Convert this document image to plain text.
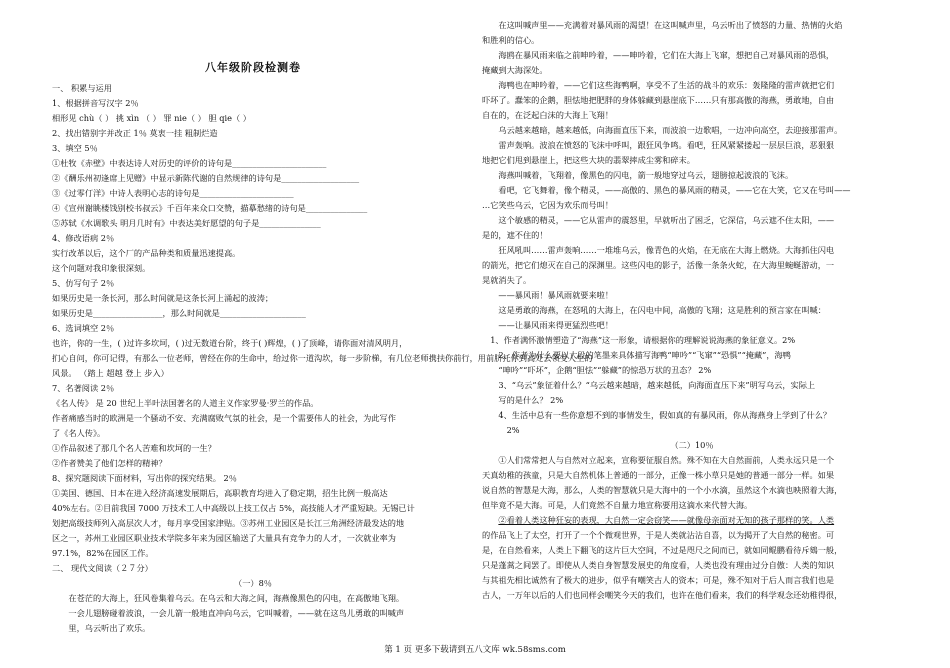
八年级阶段检测卷
一、 积累与运用
1、根据拼音写汉字 2％
相形见 chù（ ） 挑 xìn （ ） 罪 nie（ ） 胆 qie（ ）
2、找出错别字并改正 1％ 莫衷一挂 粗制烂造
3、填空 5％
①杜牧《赤壁》中表达诗人对历史的评价的诗句是_______________________
②《酬乐州初逢席上见赠》中显示新陈代谢的自然规律的诗句是___________________
③《过零仃洋》中诗人表明心志的诗句是_______________________
④《宣州谢眺楼饯别校书叔云》千百年来众口交赞，描摹愁绪的诗句是_______________
⑤苏轼《水调歌头 明月几时有》中表达美好愿望的句子是_______________
4、修改语病 2％
实行改革以后，这个厂的产品种类和质量迅速提高。
这个问题对我印象很深刻。
5、仿写句子 2％
如果历史是一条长河，那么时间就是这条长河上涌起的波涛；
如果历史是_________________，那么时间就是_____________________
6、选词填空 2％
也许，你的一生，( )过许多坎坷，( )过无数道台阶，终于( )辉煌，( )了顶峰，请你面对清风明月，
扪心自问，你可记得，有那么一位老师，曾经在你的生命中，给过你一道沟坎，每一步阶梯，有几位老师携扶你前行，用前脐托你到高处去领受人生的
风景。 （踏上 超越 登上 步入）
7、名著阅读 2％
《名人传》 是 20 世纪上半叶法国著名的人道主义作家罗曼·罗兰的作品。
作者痛感当时的欧洲是一个骚动不安、充满腐败气氛的社会，是一个需要伟人的社会，为此写作
了《名人传》。
①作品叙述了那几个名人苦难和坎坷的一生？
②作者赞美了他们怎样的精神？
8、探究题阅读下面材料，写出你的探究结果。 2％
①美国、德国、日本在进入经济高速发展期后，高职教育均进入了稳定期，招生比例一般高达
40%左右。②目前我国 7000 万技术工人中高级以上技工仅占 5%，高技能人才严重短缺。无锡已计
划把高级技师列入高层次人才，每月享受国家津贴。③苏州工业园区是长江三角洲经济最发达的地
区之一，苏州工业园区职业技术学院多年来为园区输送了大量具有竞争力的人才，一次就业率为
97.1%，82%在园区工作。
二、 现代文阅读（２７分）
（一）8％
在苍茫的大海上，狂风卷集着乌云。在乌云和大海之间，海燕像黑色的闪电，在高傲地飞翔。
一会儿翅膀碰着波浪，一会儿箭一般地直冲向乌云，它叫喊着，——就在这鸟儿勇敢的叫喊声
里，乌云听出了欢乐。
在这叫喊声里——充满着对暴风雨的渴望！在这叫喊声里，乌云听出了愤怒的力量、热情的火焰
和胜利的信心。
海鸥在暴风雨来临之前呻吟着，——呻吟着，它们在大海上飞窜，想把自己对暴风雨的恐惧，
掩藏到大海深处。
海鸭也在呻吟着，——它们这些海鸭啊，享受不了生活的战斗的欢乐：轰隆隆的雷声就把它们
吓坏了。蠢笨的企鹅，胆怯地把肥胖的身体躲藏到悬崖底下……只有那高傲的海燕，勇敢地，自由
自在的，在泛起白沫的大海上飞翔！
乌云越来越暗，越来越低，向海面直压下来，而波浪一边歌唱，一边冲向高空，去迎接那雷声。
雷声轰响。波浪在愤怒的飞沫中呼叫，跟狂风争鸣。看吧，狂风紧紧搂起一层层巨浪，恶狠狠
地把它们甩到悬崖上，把这些大块的翡翠摔成尘雾和碎末。
海燕叫喊着，飞翔着，像黑色的闪电，箭一般地穿过乌云，翅膀掠起波浪的飞沫。
看吧，它飞舞着，像个精灵，——高傲的、黑色的暴风雨的精灵，——它在大笑，它又在号叫——
…它笑些乌云，它因为欢乐而号叫！
这个敏感的精灵，——它从雷声的震怒里，早就听出了困乏，它深信，乌云遮不住太阳，——
是的，遮不住的！
狂风吼叫……雷声轰响……一堆堆乌云，像青色的火焰，在无底在大海上燃烧。大海抓住闪电
的箭光，把它们熄灭在自己的深渊里。这些闪电的影子，活像一条条火蛇，在大海里蜿蜒游动，一
晃就消失了。
——暴风雨！暴风雨就要来啦！
这是勇敢的海燕，在怒吼的大海上，在闪电中间，高傲的飞翔；这是胜利的预言家在叫喊：
——让暴风雨来得更猛烈些吧！
1、作者满怀激情塑造了“海燕”这一形象，请根据你的理解说说海燕的象征意义。2%
2、作者为什么要以大段的笔墨来具体描写海鸭“呻吟”“飞窜”“恐惧”“掩藏”，海鸭
“呻吟”“吓坏”，企鹅“胆怯”“躲藏”的惊恐万状的丑态？ 2%
3、“乌云”象征着什么？“乌云越来越暗，越来越低，向海面直压下来”明写乌云，实际上
写的是什么？ 2%
4、生活中总有一些你意想不到的事情发生，假如真的有暴风雨，你从海燕身上学到了什么？
2%
（二）10％
①人们常常把人与自然对立起来，宣称要征服自然。殊不知在大自然面前，人类永远只是一个
天真幼稚的孩童，只是大自然机体上普通的一部分，正像一株小草只是她的普通一部分一样。如果
说自然的智慧是大海，那么，人类的智慧就只是大海中的一个小水滴，虽然这个水滴也映照着大海，
但毕竟不是大海。可是，人们竟然不自量力地宣称要用这滴水来代替大海。
②看着人类这种狂妄的表现，大自然一定会窃笑——就像母亲面对无知的孩子那样的笑。人类
的作品飞上了太空，打开了一个个微观世界，于是人类就沾沾自喜，以为揭开了大自然的秘密。可
是，在自然看来，人类上下翻飞的这片巨大空间，不过是咫尺之间而已，就如同鲲鹏看待斥鴳一般，
只是蓬蒿之间罢了。即使从人类自身智慧发展史的角度看，人类也没有理由过分自傲：人类的知识
与其祖先相比诚然有了极大的进步，似乎有嘲笑古人的资本；可是，殊不知对于后人而言我们也是
古人，一万年以后的人们也同样会嘲笑今天的我们，也许在他们看来，我们的科学观念还幼稚得很，
第 1 页 更多下载请到五八文库 wk.58sms.com
